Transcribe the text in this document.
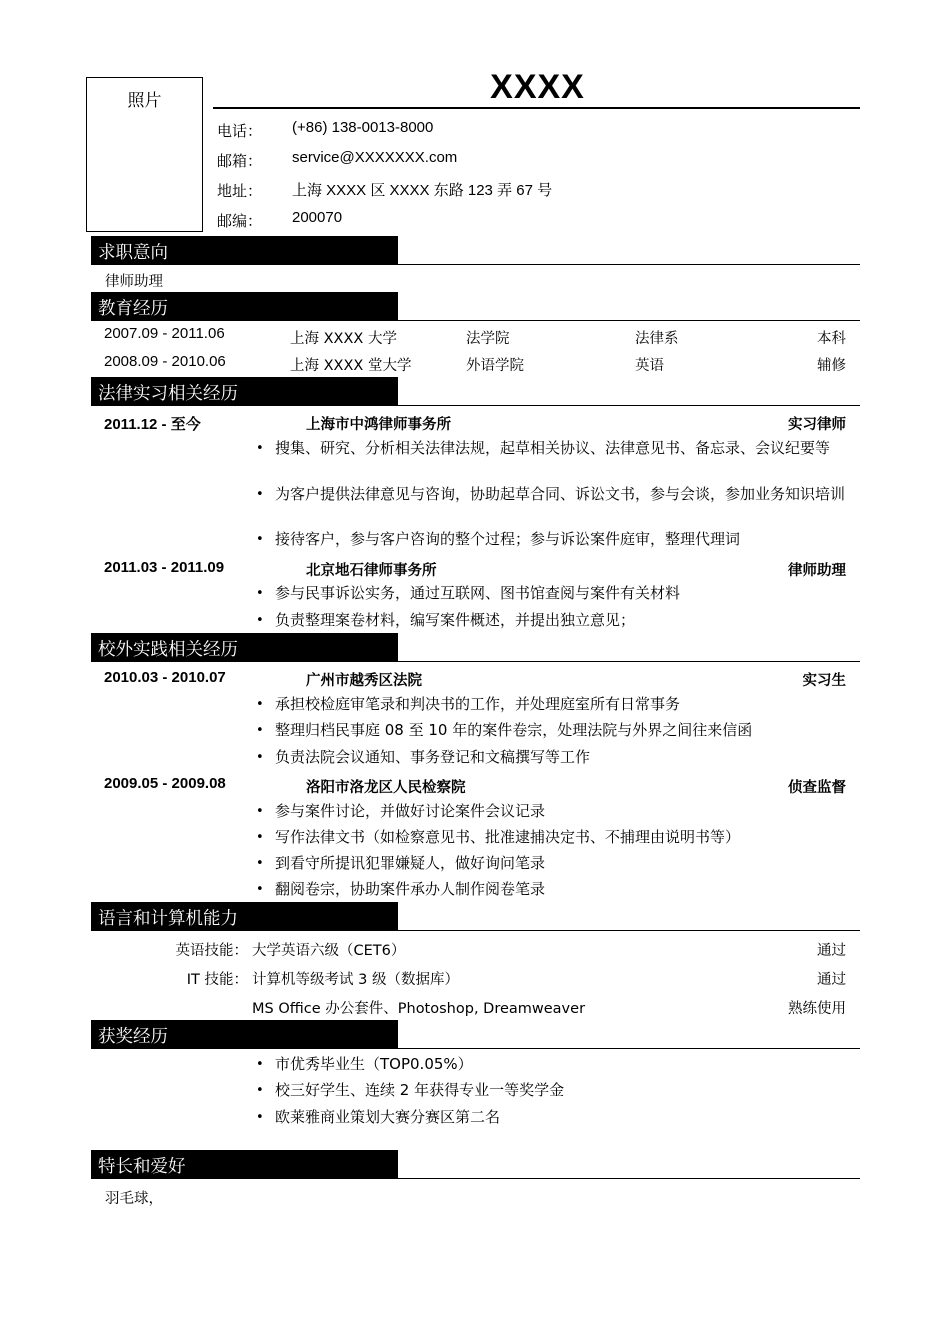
照片	XXXX
电话： (+86) 138-0013-8000
邮箱： service@XXXXXXX.com
地址： 上海 XXXX 区 XXXX 东路 123 弄 67 号
邮编： 200070
求职意向
律师助理
教育经历
2007.09 - 2011.06	上海 XXXX 大学	法学院	法律系	本科
2008.09 - 2010.06	上海 XXXX 堂大学	外语学院	英语	辅修
法律实习相关经历
2011.12 - 至今	上海市中鸿律师事务所	实习律师
• 搜集、研究、分析相关法律法规，起草相关协议、法律意见书、备忘录、会议纪要等
• 为客户提供法律意见与咨询，协助起草合同、诉讼文书，参与会谈，参加业务知识培训
• 接待客户，参与客户咨询的整个过程；参与诉讼案件庭审，整理代理词
2011.03 - 2011.09	北京地石律师事务所	律师助理
• 参与民事诉讼实务，通过互联网、图书馆查阅与案件有关材料
• 负责整理案卷材料，编写案件概述，并提出独立意见；
校外实践相关经历
2010.03 - 2010.07	广州市越秀区法院	实习生
• 承担校检庭审笔录和判决书的工作，并处理庭室所有日常事务
• 整理归档民事庭 08 至 10 年的案件卷宗，处理法院与外界之间往来信函
• 负责法院会议通知、事务登记和文稿撰写等工作
2009.05 - 2009.08	洛阳市洛龙区人民检察院	侦查监督
• 参与案件讨论，并做好讨论案件会议记录
• 写作法律文书（如检察意见书、批准逮捕决定书、不捕理由说明书等）
• 到看守所提讯犯罪嫌疑人，做好询问笔录
• 翻阅卷宗，协助案件承办人制作阅卷笔录
语言和计算机能力
英语技能： 大学英语六级（CET6）	通过
IT 技能： 计算机等级考试 3 级（数据库）	通过
MS Office 办公套件、Photoshop, Dreamweaver	熟练使用
获奖经历
• 市优秀毕业生（TOP0.05%）
• 校三好学生、连续 2 年获得专业一等奖学金
• 欧莱雅商业策划大赛分赛区第二名
特长和爱好
羽毛球，
